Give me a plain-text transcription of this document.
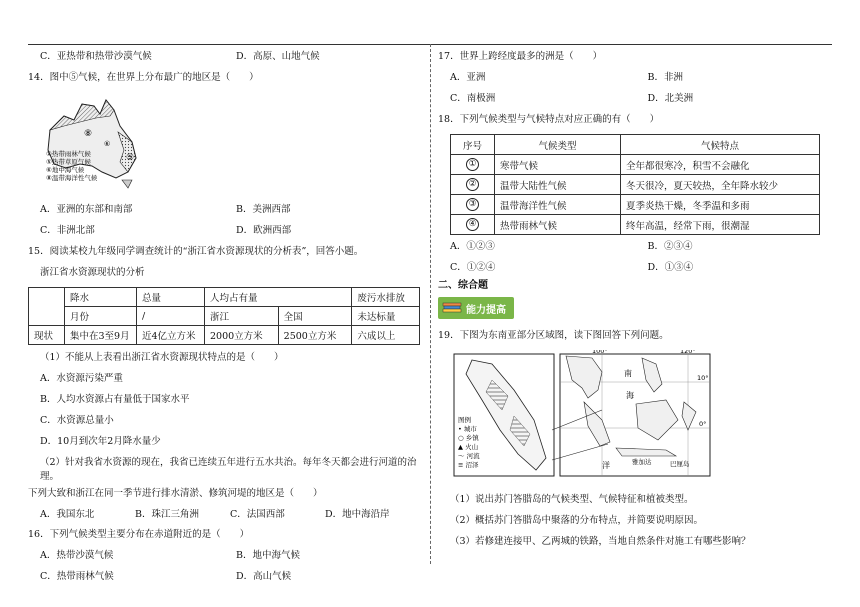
C．亚热带和热带沙漠气候	D．高原、山地气候
14．图中⑤气候，在世界上分布最广的地区是（　　）
⑧
⑤
⑥
①热带雨林气候
⑤热带草原气候
⑥地中海气候
⑧温带海洋性气候
A．亚洲的东部和南部	B．美洲西部
C．非洲北部	D．欧洲西部
15．阅读某校九年级同学调查统计的“浙江省水资源现状的分析表”，回答小题。
浙江省水资源现状的分析
	降水	总量	人均占有量		废污水排放
	月份	/	浙江	全国	未达标量
现状	集中在3至9月	近4亿立方米	2000立方米	2500立方米	六成以上
（1）不能从上表看出浙江省水资源现状特点的是（　　）
A．水资源污染严重
B．人均水资源占有量低于国家水平
C．水资源总量小
D．10月到次年2月降水量少
（2）针对我省水资源的现在，我省已连续五年进行五水共治。每年冬天都会进行河道的治理。
下列大致和浙江在同一季节进行排水清淤、修筑河堤的地区是（　　）
A．我国东北	B．珠江三角洲	C．法国西部	D．地中海沿岸
16．下列气候类型主要分布在赤道附近的是（　　）
A．热带沙漠气候	B．地中海气候
C．热带雨林气候	D．高山气候
17．世界上跨经度最多的洲是（　　）
A．亚洲	B．非洲
C．南极洲	D．北美洲
18．下列气候类型与气候特点对应正确的有（　　）
序号	气候类型	气候特点
①	寒带气候	全年都很寒冷，积雪不会融化
②	温带大陆性气候	冬天很冷，夏天较热，全年降水较少
③	温带海洋性气候	夏季炎热干燥，冬季温和多雨
④	热带雨林气候	终年高温，经常下雨，很潮湿
A．①②③	B．②③④
C．①②④	D．①③④
二、综合题
能力提高
19．下图为东南亚部分区域图，读下图回答下列问题。
图例
• 城市
○ 乡镇
▲ 火山
～ 河流
≡ 沼泽
100°	120°
10°
0°
雅加达	巴厘岛
南
海
洋
（1）说出苏门答腊岛的气候类型、气候特征和植被类型。
（2）概括苏门答腊岛中聚落的分布特点，并简要说明原因。
（3）若修建连接甲、乙两城的铁路，当地自然条件对施工有哪些影响？
